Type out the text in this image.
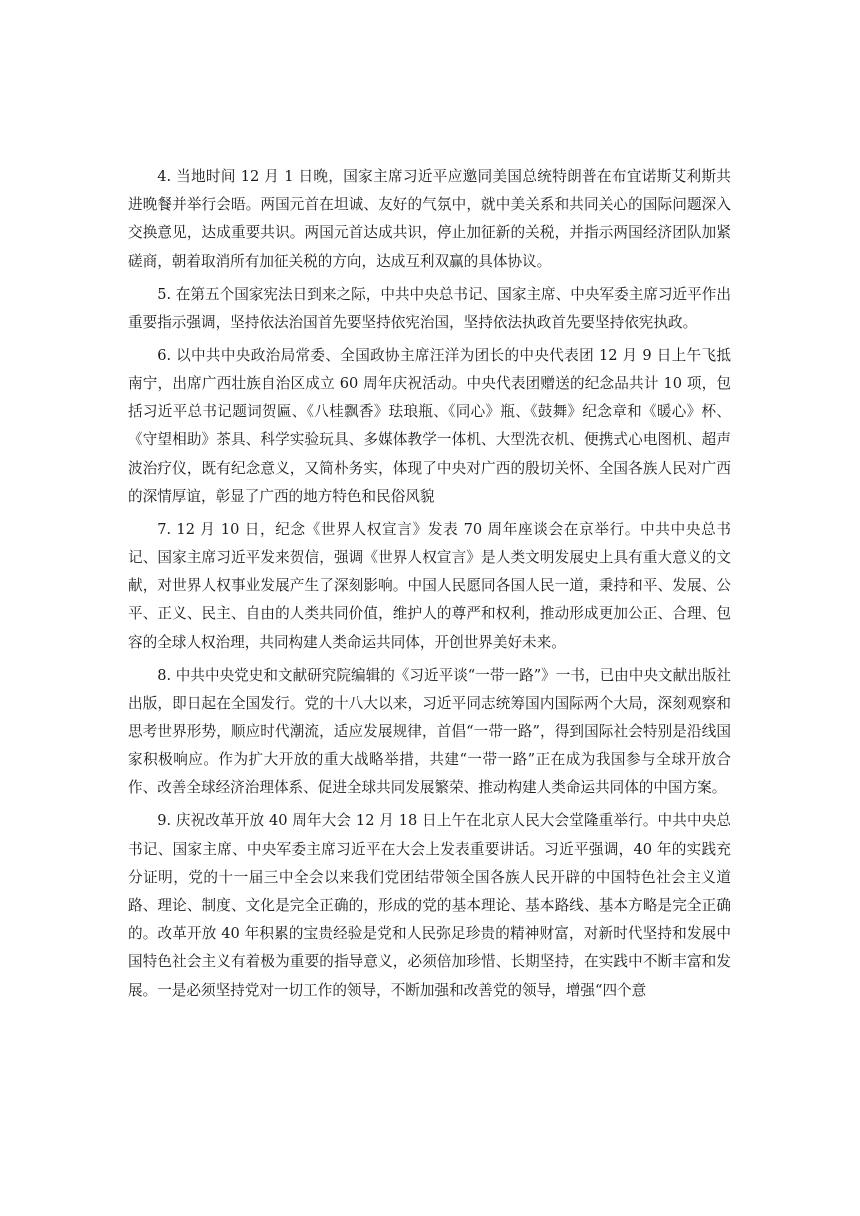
4. 当地时间 12 月 1 日晚，国家主席习近平应邀同美国总统特朗普在布宜诺斯艾利斯共进晚餐并举行会晤。两国元首在坦诚、友好的气氛中，就中美关系和共同关心的国际问题深入交换意见，达成重要共识。两国元首达成共识，停止加征新的关税，并指示两国经济团队加紧磋商，朝着取消所有加征关税的方向，达成互利双赢的具体协议。

5. 在第五个国家宪法日到来之际，中共中央总书记、国家主席、中央军委主席习近平作出重要指示强调，坚持依法治国首先要坚持依宪治国，坚持依法执政首先要坚持依宪执政。

6. 以中共中央政治局常委、全国政协主席汪洋为团长的中央代表团 12 月 9 日上午飞抵南宁，出席广西壮族自治区成立 60 周年庆祝活动。中央代表团赠送的纪念品共计 10 项，包括习近平总书记题词贺匾、《八桂飘香》珐琅瓶、《同心》瓶、《鼓舞》纪念章和《暖心》杯、《守望相助》茶具、科学实验玩具、多媒体教学一体机、大型洗衣机、便携式心电图机、超声波治疗仪，既有纪念意义，又简朴务实，体现了中央对广西的殷切关怀、全国各族人民对广西的深情厚谊，彰显了广西的地方特色和民俗风貌

7. 12 月 10 日，纪念《世界人权宣言》发表 70 周年座谈会在京举行。中共中央总书记、国家主席习近平发来贺信，强调《世界人权宣言》是人类文明发展史上具有重大意义的文献，对世界人权事业发展产生了深刻影响。中国人民愿同各国人民一道，秉持和平、发展、公平、正义、民主、自由的人类共同价值，维护人的尊严和权利，推动形成更加公正、合理、包容的全球人权治理，共同构建人类命运共同体，开创世界美好未来。

8. 中共中央党史和文献研究院编辑的《习近平谈“一带一路”》一书，已由中央文献出版社出版，即日起在全国发行。党的十八大以来，习近平同志统筹国内国际两个大局，深刻观察和思考世界形势，顺应时代潮流，适应发展规律，首倡“一带一路”，得到国际社会特别是沿线国家积极响应。作为扩大开放的重大战略举措，共建“一带一路”正在成为我国参与全球开放合作、改善全球经济治理体系、促进全球共同发展繁荣、推动构建人类命运共同体的中国方案。

9. 庆祝改革开放 40 周年大会 12 月 18 日上午在北京人民大会堂隆重举行。中共中央总书记、国家主席、中央军委主席习近平在大会上发表重要讲话。习近平强调，40 年的实践充分证明，党的十一届三中全会以来我们党团结带领全国各族人民开辟的中国特色社会主义道路、理论、制度、文化是完全正确的，形成的党的基本理论、基本路线、基本方略是完全正确的。改革开放 40 年积累的宝贵经验是党和人民弥足珍贵的精神财富，对新时代坚持和发展中国特色社会主义有着极为重要的指导意义，必须倍加珍惜、长期坚持，在实践中不断丰富和发展。一是必须坚持党对一切工作的领导，不断加强和改善党的领导，增强“四个意
